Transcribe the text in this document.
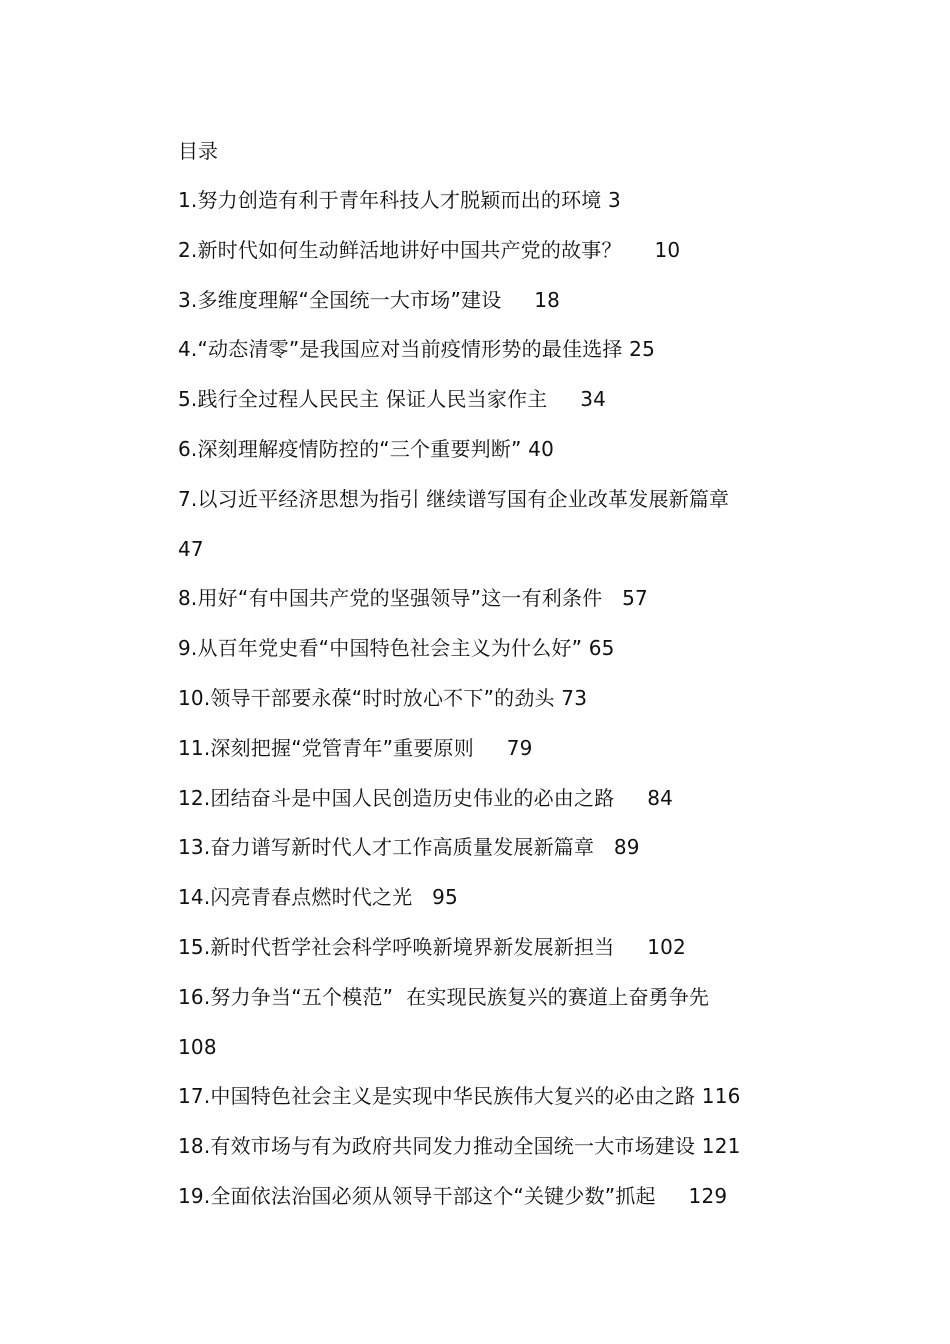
目录
1.努力创造有利于青年科技人才脱颖而出的环境 3
2.新时代如何生动鲜活地讲好中国共产党的故事？     10
3.多维度理解“全国统一大市场”建设     18
4.“动态清零”是我国应对当前疫情形势的最佳选择 25
5.践行全过程人民民主 保证人民当家作主     34
6.深刻理解疫情防控的“三个重要判断” 40
7.以习近平经济思想为指引 继续谱写国有企业改革发展新篇章
47
8.用好“有中国共产党的坚强领导”这一有利条件   57
9.从百年党史看“中国特色社会主义为什么好” 65
10.领导干部要永葆“时时放心不下”的劲头 73
11.深刻把握“党管青年”重要原则     79
12.团结奋斗是中国人民创造历史伟业的必由之路     84
13.奋力谱写新时代人才工作高质量发展新篇章   89
14.闪亮青春点燃时代之光   95
15.新时代哲学社会科学呼唤新境界新发展新担当     102
16.努力争当“五个模范”  在实现民族复兴的赛道上奋勇争先
108
17.中国特色社会主义是实现中华民族伟大复兴的必由之路 116
18.有效市场与有为政府共同发力推动全国统一大市场建设 121
19.全面依法治国必须从领导干部这个“关键少数”抓起     129
